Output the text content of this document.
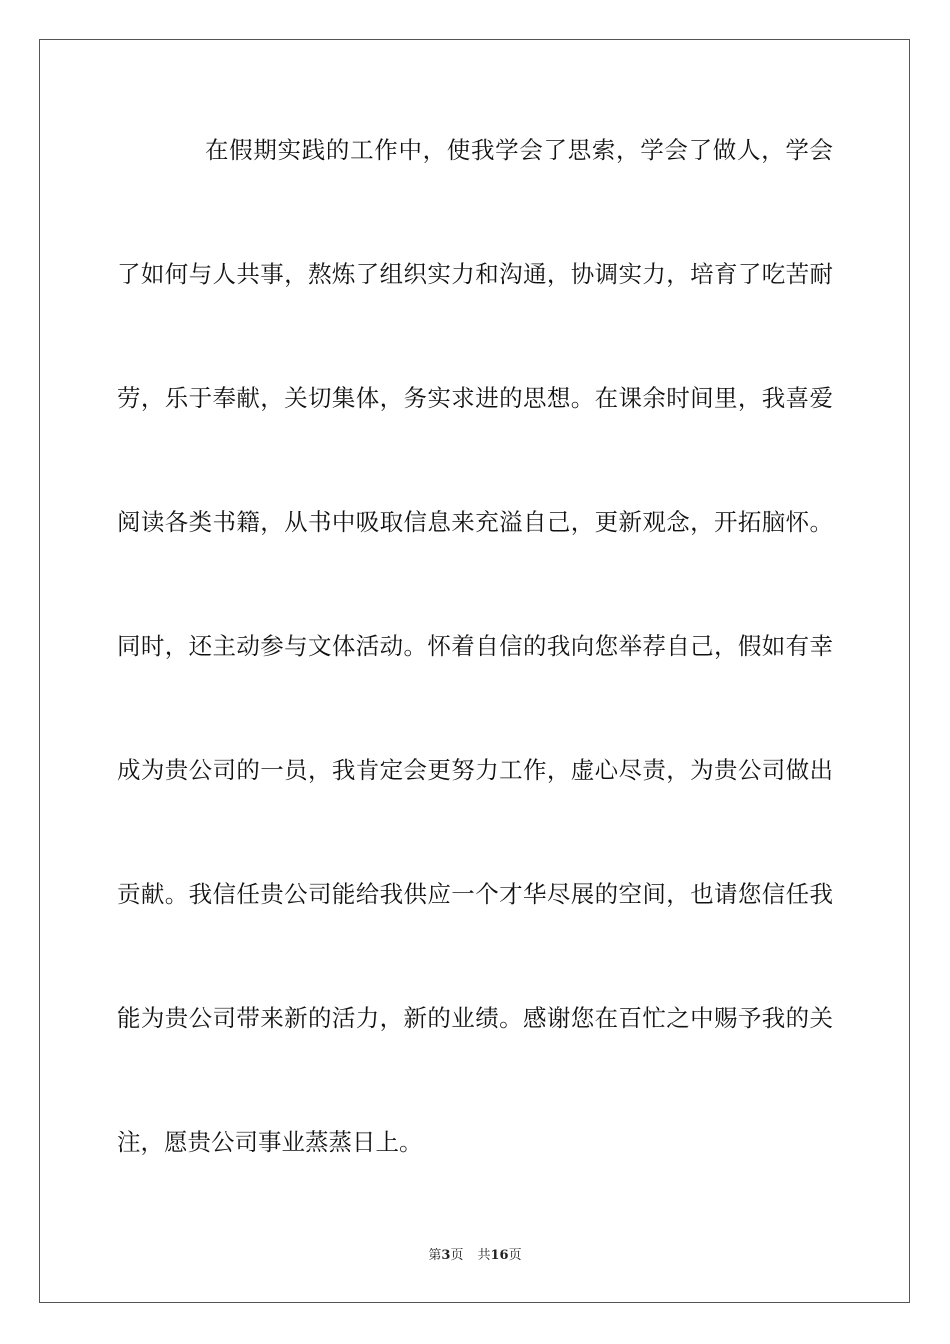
在假期实践的工作中，使我学会了思索，学会了做人，学会
了如何与人共事，熬炼了组织实力和沟通，协调实力，培育了吃苦耐
劳，乐于奉献，关切集体，务实求进的思想。在课余时间里，我喜爱
阅读各类书籍，从书中吸取信息来充溢自己，更新观念，开拓脑怀。
同时，还主动参与文体活动。怀着自信的我向您举荐自己，假如有幸
成为贵公司的一员，我肯定会更努力工作，虚心尽责，为贵公司做出
贡献。我信任贵公司能给我供应一个才华尽展的空间，也请您信任我
能为贵公司带来新的活力，新的业绩。感谢您在百忙之中赐予我的关
注，愿贵公司事业蒸蒸日上。
第3页 共16页
